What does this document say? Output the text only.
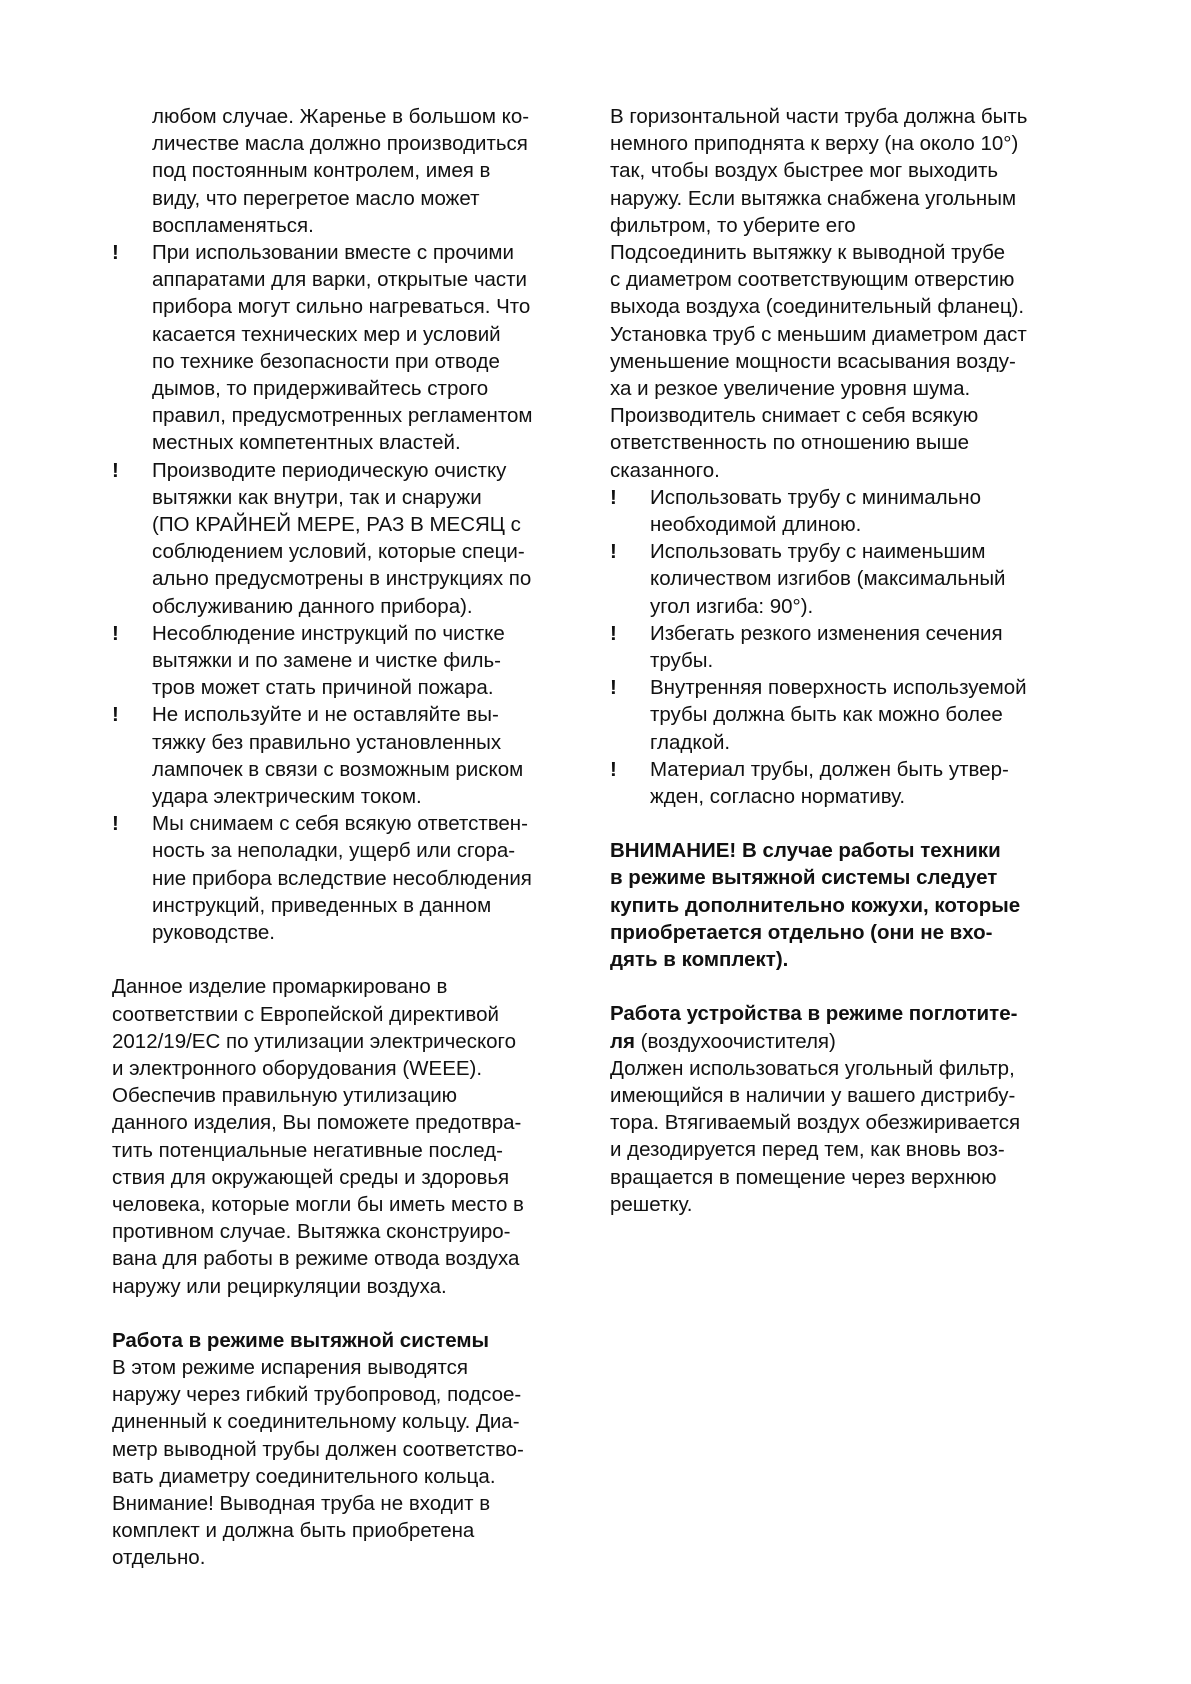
любом случае. Жаренье в большом ко-
личестве масла должно производиться
под постоянным контролем, имея в
виду, что перегретое масло может
воспламеняться.

!	При использовании вместе с прочими
аппаратами для варки, открытые части
прибора могут сильно нагреваться. Что
касается технических мер и условий
по технике безопасности при отводе
дымов, то придерживайтесь строго
правил, предусмотренных регламентом
местных компетентных властей.
!	Производите периодическую очистку
вытяжки как внутри, так и снаружи
(ПО КРАЙНЕЙ МЕРЕ, РАЗ В МЕСЯЦ с
соблюдением условий, которые специ-
ально предусмотрены в инструкциях по
обслуживанию данного прибора).
!	Несоблюдение инструкций по чистке
вытяжки и по замене и чистке филь-
тров может стать причиной пожара.
!	Не используйте и не оставляйте вы-
тяжку без правильно установленных
лампочек в связи с возможным риском
удара электрическим током.
!	Мы снимаем с себя всякую ответствен-
ность за неполадки, ущерб или сгора-
ние прибора вследствие несоблюдения
инструкций, приведенных в данном
руководстве.

Данное изделие промаркировано в
соответствии с Европейской директивой
2012/19/EC по утилизации электрического
и электронного оборудования (WEEE).
Обеспечив правильную утилизацию
данного изделия, Вы поможете предотвра-
тить потенциальные негативные послед-
ствия для окружающей среды и здоровья
человека, которые могли бы иметь место в
противном случае. Вытяжка сконструиро-
вана для работы в режиме отвода воздуха
наружу или рециркуляции воздуха.

Работа в режиме вытяжной системы

В этом режиме испарения выводятся
наружу через гибкий трубопровод, подсое-
диненный к соединительному кольцу. Диа-
метр выводной трубы должен соответство-
вать диаметру соединительного кольца.
Внимание! Выводная труба не входит в
комплект и должна быть приобретена
отдельно.

В горизонтальной части труба должна быть
немного приподнята к верху (на около 10°)
так, чтобы воздух быстрее мог выходить
наружу. Если вытяжка снабжена угольным
фильтром, то уберите его
Подсоединить вытяжку к выводной трубе
с диаметром соответствующим отверстию
выхода воздуха (соединительный фланец).
Установка труб с меньшим диаметром даст
уменьшение мощности всасывания возду-
ха и резкое увеличение уровня шума.
Производитель снимает с себя всякую
ответственность по отношению выше
сказанного.

!	Использовать трубу с минимально
необходимой длиною.
!	Использовать трубу с наименьшим
количеством изгибов (максимальный
угол изгиба: 90°).
!	Избегать резкого изменения сечения
трубы.
!	Внутренняя поверхность используемой
трубы должна быть как можно более
гладкой.
!	Материал трубы, должен быть утвер-
жден, согласно нормативу.

ВНИМАНИЕ! В случае работы техники
в режиме вытяжной системы следует
купить дополнительно кожухи, которые
приобретается отдельно (они не вхо-
дять в комплект).

Работа устройства в режиме поглотите-
ля (воздухоочистителя)

Должен использоваться угольный фильтр,
имеющийся в наличии у вашего дистрибу-
тора. Втягиваемый воздух обезжиривается
и дезодируется перед тем, как вновь воз-
вращается в помещение через верхнюю
решетку.
